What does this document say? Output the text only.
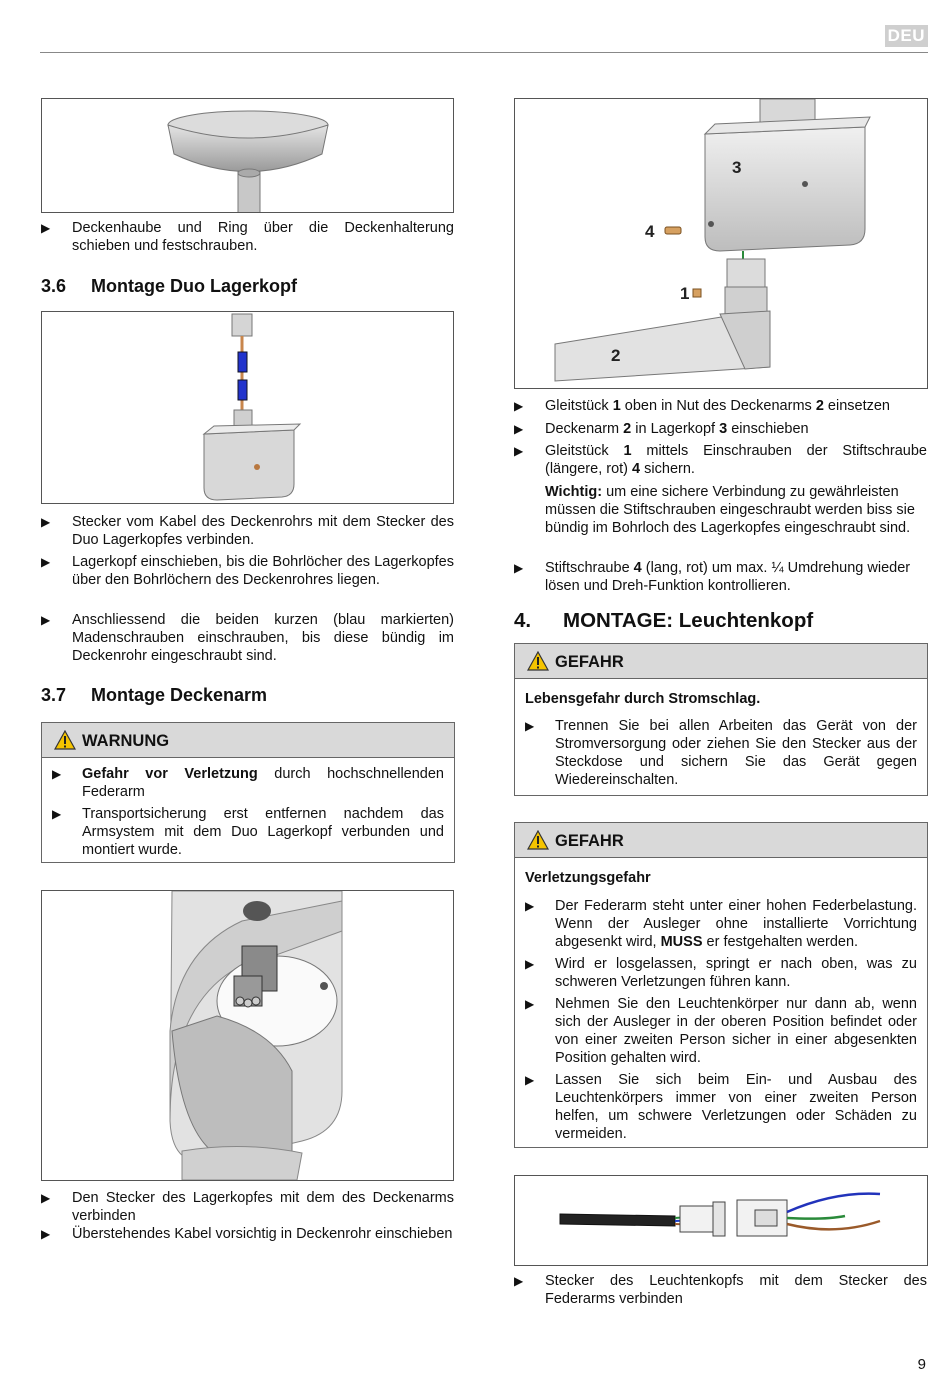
DEU
▶	Deckenhaube und Ring über die Deckenhalterung schieben und festschrauben.
3.6 Montage Duo Lagerkopf
▶	Stecker vom Kabel des Deckenrohrs mit dem Stecker des Duo Lagerkopfes verbinden.
▶	Lagerkopf einschieben, bis die Bohrlöcher des Lagerkopfes über den Bohrlöchern des Deckenrohres liegen.
▶	Anschliessend die beiden kurzen (blau markierten) Madenschrauben einschrauben, bis diese bündig im Deckenrohr eingeschraubt sind.
3.7 Montage Deckenarm
WARNUNG
▶	Gefahr vor Verletzung durch hochschnellenden Federarm
▶	Transportsicherung erst entfernen nachdem das Armsystem mit dem Duo Lagerkopf verbunden und montiert wurde.
▶	Den Stecker des Lagerkopfes mit dem des Deckenarms verbinden
▶	Überstehendes Kabel vorsichtig in Deckenrohr einschieben
3
4
1
2
▶	Gleitstück 1 oben in Nut des Deckenarms 2 einsetzen
▶	Deckenarm 2 in Lagerkopf 3 einschieben
▶	Gleitstück 1 mittels Einschrauben der Stiftschraube (längere, rot) 4 sichern.
Wichtig: um eine sichere Verbindung zu gewährleisten müssen die Stiftschrauben eingeschraubt werden biss sie bündig im Bohrloch des Lagerkopfes eingeschraubt sind.
▶	Stiftschraube 4 (lang, rot) um max. ¼ Umdrehung wieder lösen und Dreh-Funktion kontrollieren.
4. MONTAGE: Leuchtenkopf
GEFAHR
Lebensgefahr durch Stromschlag.
▶	Trennen Sie bei allen Arbeiten das Gerät von der Stromversorgung oder ziehen Sie den Stecker aus der Steckdose und sichern Sie das Gerät gegen Wiedereinschalten.
GEFAHR
Verletzungsgefahr
▶	Der Federarm steht unter einer hohen Federbelastung. Wenn der Ausleger ohne installierte Vorrichtung abgesenkt wird, MUSS er festgehalten werden.
▶	Wird er losgelassen, springt er nach oben, was zu schweren Verletzungen führen kann.
▶	Nehmen Sie den Leuchtenkörper nur dann ab, wenn sich der Ausleger in der oberen Position befindet oder von einer zweiten Person sicher in einer abgesenkten Position gehalten wird.
▶	Lassen Sie sich beim Ein- und Ausbau des Leuchtenkörpers immer von einer zweiten Person helfen, um schwere Verletzungen oder Schäden zu vermeiden.
▶	Stecker des Leuchtenkopfs mit dem Stecker des Federarms verbinden
9
